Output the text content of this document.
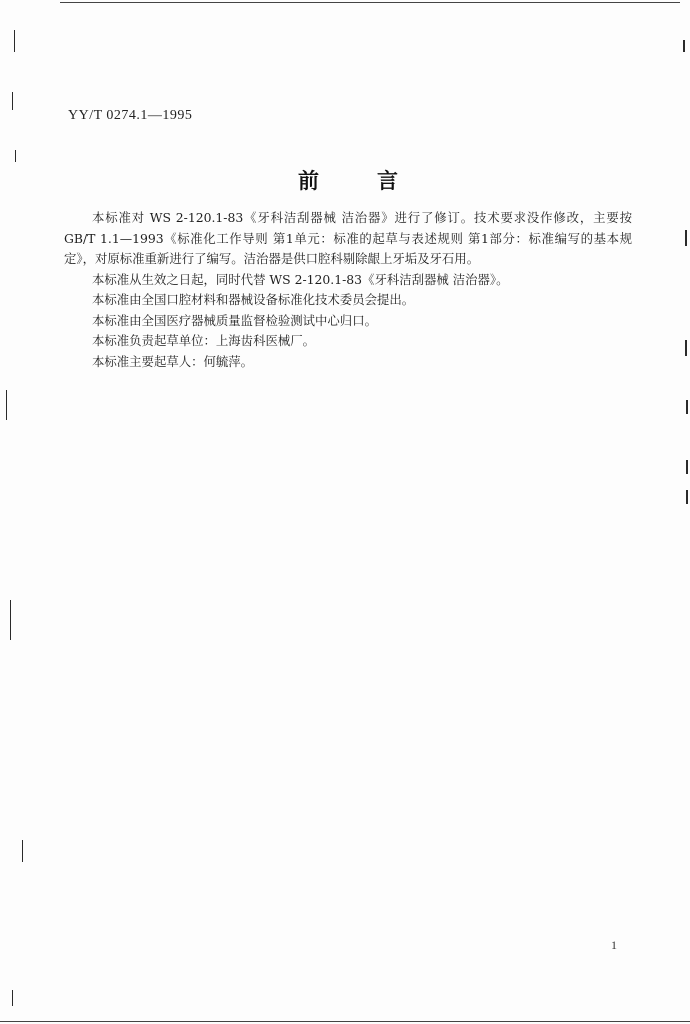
YY/T 0274.1—1995
前言

本标准对 WS 2-120.1-83《牙科洁刮器械 洁治器》进行了修订。技术要求没作修改，主要按GB/T 1.1—1993《标准化工作导则 第1单元：标准的起草与表述规则 第1部分：标准编写的基本规定》，对原标准重新进行了编写。洁治器是供口腔科剔除龈上牙垢及牙石用。

本标准从生效之日起，同时代替 WS 2-120.1-83《牙科洁刮器械 洁治器》。

本标准由全国口腔材料和器械设备标准化技术委员会提出。

本标准由全国医疗器械质量监督检验测试中心归口。

本标准负责起草单位：上海齿科医械厂。

本标准主要起草人：何毓萍。

1
